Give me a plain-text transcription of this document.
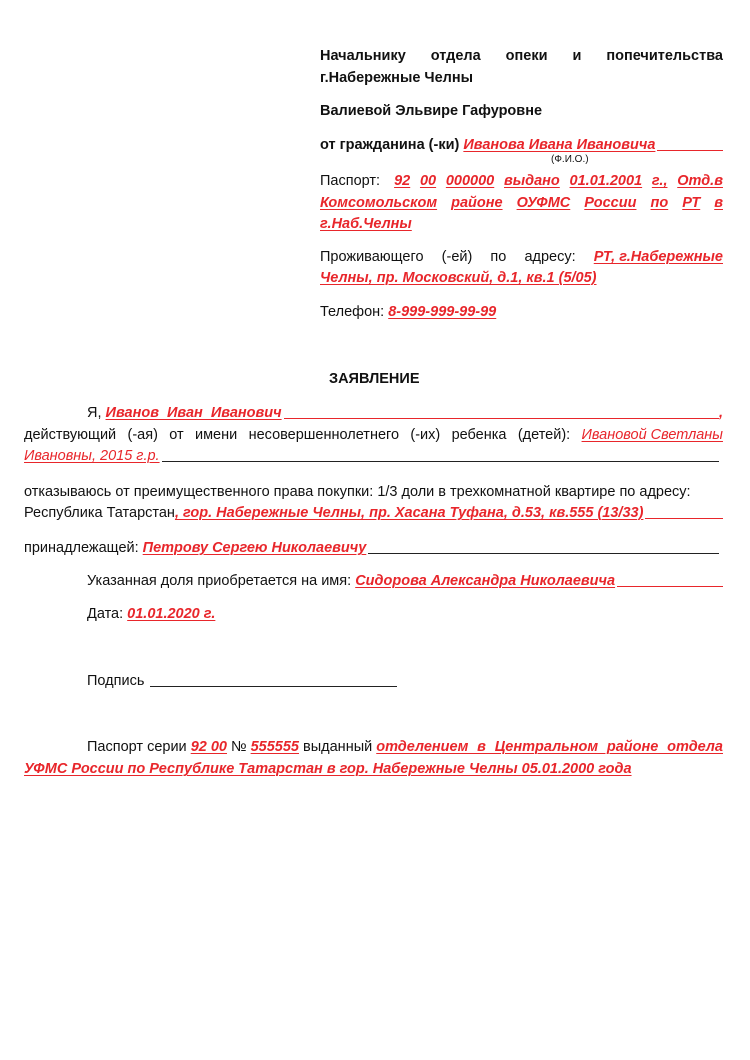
Начальнику отдела опеки и попечительства
г.Набережные Челны
Валиевой Эльвире Гафуровне
от гражданина (-ки)
Иванова Ивана Ивановича
(Ф.И.О.)
Паспорт: 92 00 000000 выдано 01.01.2001 г., Отд.в
Комсомольском районе ОУФМС России по РТ в
г.Наб.Челны
Проживающего (-ей) по адресу: РТ, г.Набережные
Челны, пр. Московский, д.1, кв.1 (5/05)
Телефон: 8-999-999-99-99
ЗАЯВЛЕНИЕ
Я,
Иванов Иван Иванович	,
действующий (-ая) от имени несовершеннолетнего (-их) ребенка (детей): Ивановой Светланы
Ивановны, 2015 г.р.
отказываюсь от преимущественного права покупки: 1/3 доли в трехкомнатной квартире по адресу:
Республика Татарстан , гор. Набережные Челны, пр. Хасана Туфана, д.53, кв.555 (13/33)
принадлежащей:
Петрову Сергею Николаевичу
Указанная доля приобретается на имя:
Сидорова Александра Николаевича
Дата: 01.01.2020 г.
Подпись
Паспорт серии
92 00
№
555555
выданный
отделением в Центральном районе отдела
УФМС России по Республике Татарстан в гор. Набережные Челны 05.01.2000 года
